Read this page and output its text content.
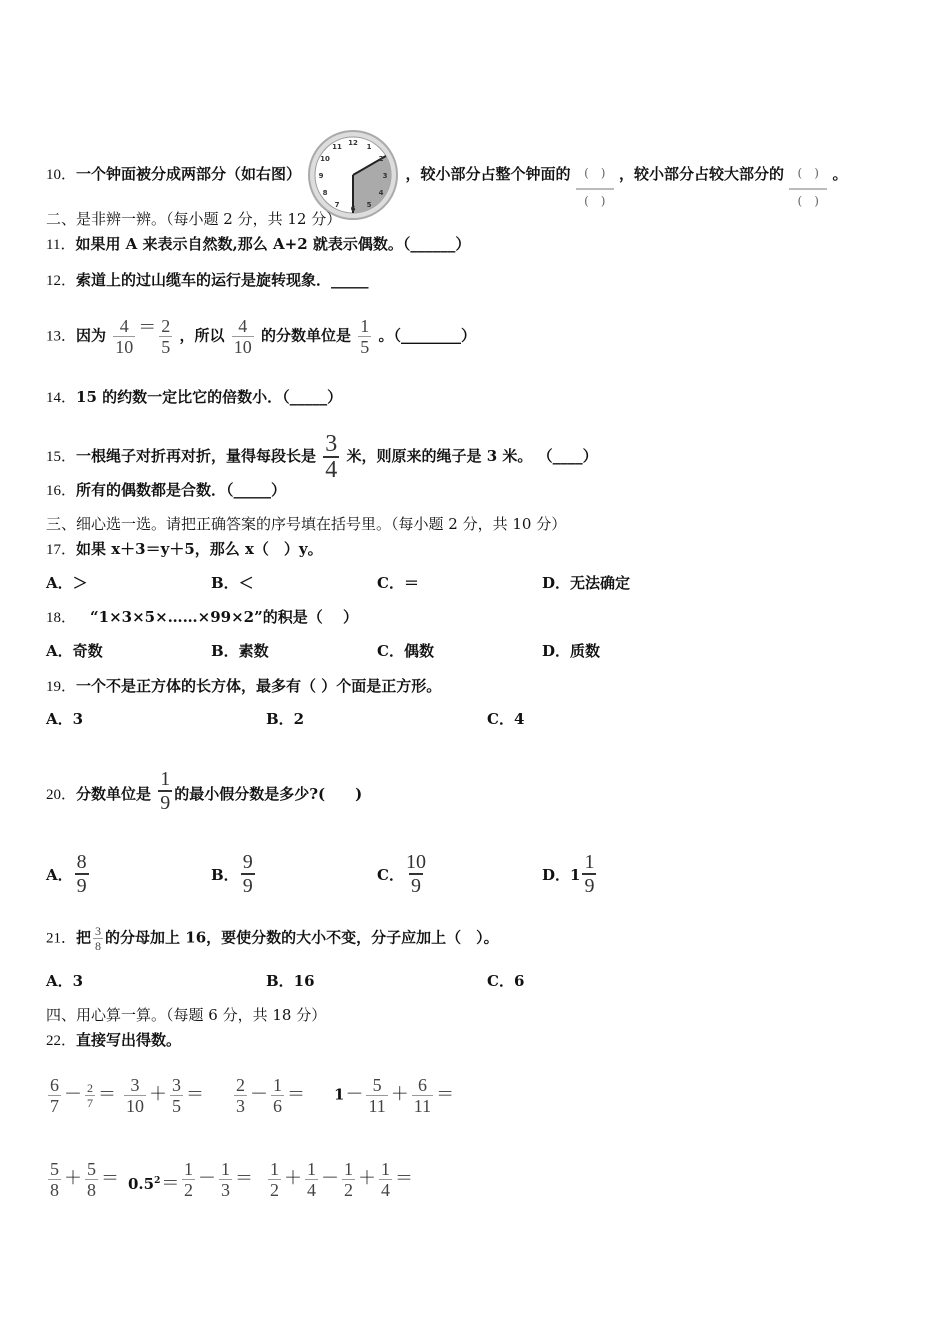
10．一个钟面被分成两部分（如右图）
12 1
2
3
4
5
6
7
8
9
10
11
，较小部分占整个钟面的 (　)
(　)
，较小部分占较大部分的 (　)
(　)
。
二、是非辨一辨。（每小题 2 分，共 12 分）
11．如果用 A 来表示自然数,那么 A+2 就表示偶数。（______）
12．索道上的过山缆车的运行是旋转现象．_____
13．因为 $\frac{4}{10} = \frac{2}{5}$ ，所以 $\frac{4}{10}$ 的分数单位是 $\frac{1}{5}$ 。（________）
14．15 的约数一定比它的倍数小．（_____）
15．一根绳子对折再对折，量得每段长是 $\frac{3}{4}$ 米，则原来的绳子是 3 米。 （____）
16．所有的偶数都是合数．（_____）
三、细心选一选。请把正确答案的序号填在括号里。（每小题 2 分，共 10 分）
17．如果 x＋3＝y＋5，那么 x（　）y。
A．＞	B．＜	C．＝	D．无法确定
18． “1×3×5×……×99×2”的积是（　 ）
A．奇数	B．素数	C．偶数	D．质数
19．一个不是正方体的长方体，最多有（ ）个面是正方形。
A．3	B．2	C．4
20．分数单位是 $\frac{1}{9}$ 的最小假分数是多少?(　　)
A． $\frac{8}{9}$	B． $\frac{9}{9}$	C． $\frac{10}{9}$	D．$1 \frac{1}{9}$
21．把 $\frac{3}{8}$ 的分母加上 16，要使分数的大小不变，分子应加上（　）。
A．3	B．16	C．6
四、用心算一算。（每题 6 分，共 18 分）
22．直接写出得数。
$\frac{6}{7} - \frac{2}{7} = \frac{3}{10} + \frac{3}{5} = \frac{2}{3} - \frac{1}{6} = 1- \frac{5}{11} + \frac{6}{11}$ ＝
$\frac{5}{8} + \frac{5}{8} = 0.5^2= \frac{1}{2} - \frac{1}{3} = \frac{1}{2} + \frac{1}{4} - \frac{1}{2} + \frac{1}{4}$ ＝
